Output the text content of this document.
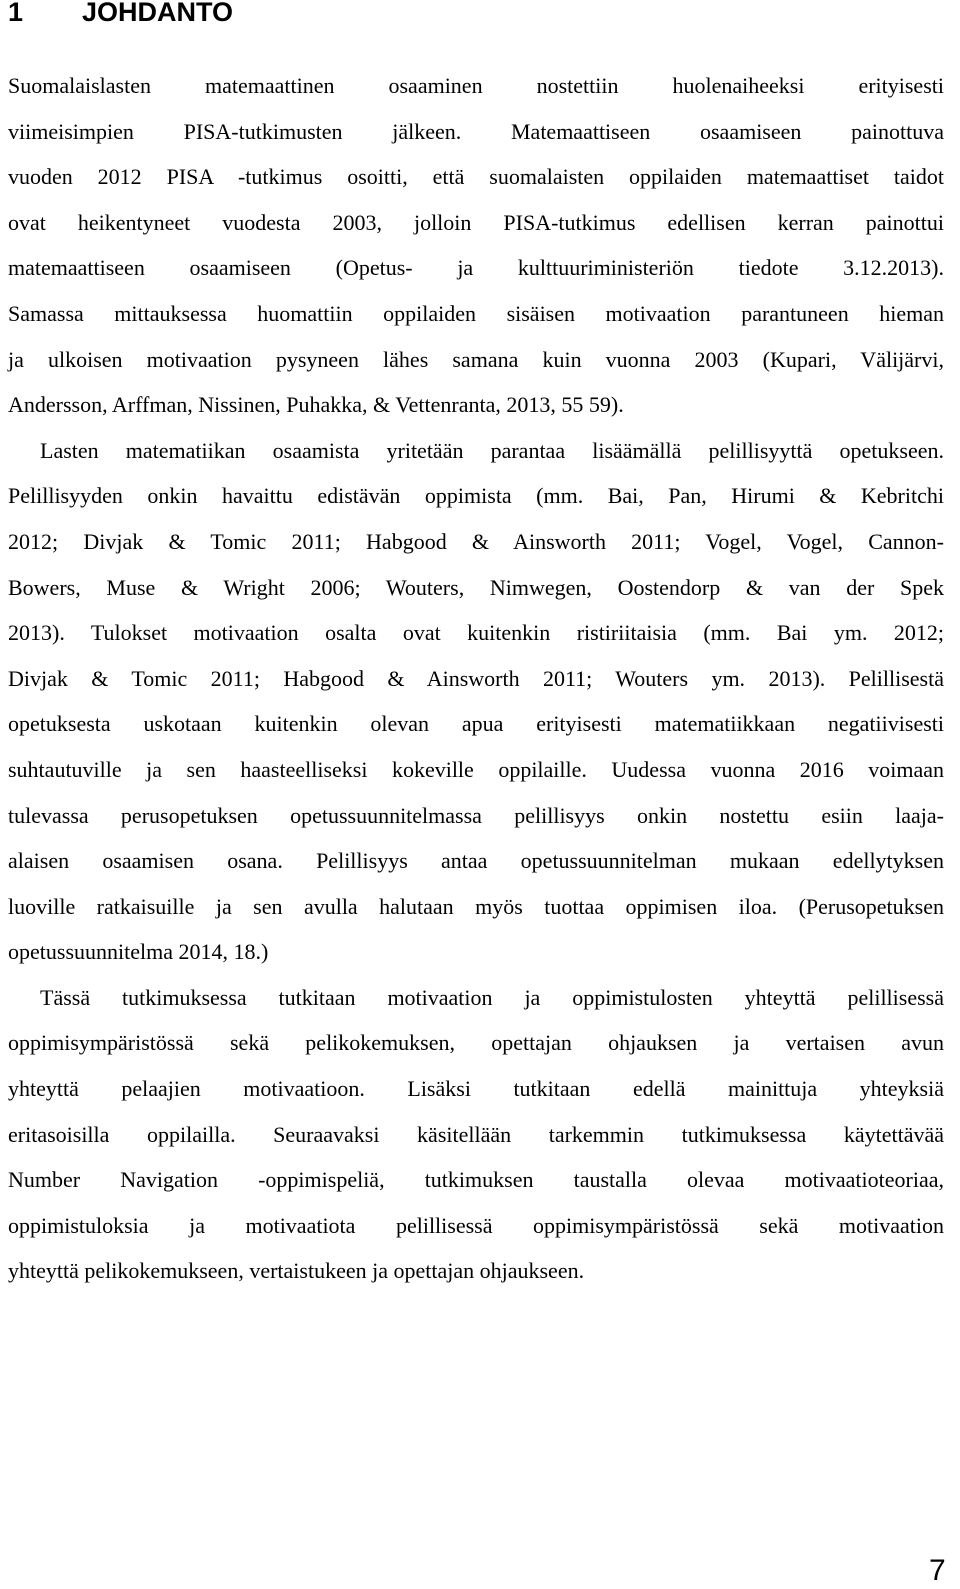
1 JOHDANTO
Suomalaislasten matemaattinen osaaminen nostettiin huolenaiheeksi erityisesti
viimeisimpien PISA-tutkimusten jälkeen. Matemaattiseen osaamiseen painottuva
vuoden 2012 PISA -tutkimus osoitti, että suomalaisten oppilaiden matemaattiset taidot
ovat heikentyneet vuodesta 2003, jolloin PISA-tutkimus edellisen kerran painottui
matemaattiseen osaamiseen (Opetus- ja kulttuuriministeriön tiedote 3.12.2013).
Samassa mittauksessa huomattiin oppilaiden sisäisen motivaation parantuneen hieman
ja ulkoisen motivaation pysyneen lähes samana kuin vuonna 2003 (Kupari, Välijärvi,
Andersson, Arffman, Nissinen, Puhakka, & Vettenranta, 2013, 55 59).
Lasten matematiikan osaamista yritetään parantaa lisäämällä pelillisyyttä opetukseen.
Pelillisyyden onkin havaittu edistävän oppimista (mm. Bai, Pan, Hirumi & Kebritchi
2012; Divjak & Tomic 2011; Habgood & Ainsworth 2011; Vogel, Vogel, Cannon-
Bowers, Muse & Wright 2006; Wouters, Nimwegen, Oostendorp & van der Spek
2013). Tulokset motivaation osalta ovat kuitenkin ristiriitaisia (mm. Bai ym. 2012;
Divjak & Tomic 2011; Habgood & Ainsworth 2011; Wouters ym. 2013). Pelillisestä
opetuksesta uskotaan kuitenkin olevan apua erityisesti matematiikkaan negatiivisesti
suhtautuville ja sen haasteelliseksi kokeville oppilaille. Uudessa vuonna 2016 voimaan
tulevassa perusopetuksen opetussuunnitelmassa pelillisyys onkin nostettu esiin laaja-
alaisen osaamisen osana. Pelillisyys antaa opetussuunnitelman mukaan edellytyksen
luoville ratkaisuille ja sen avulla halutaan myös tuottaa oppimisen iloa. (Perusopetuksen
opetussuunnitelma 2014, 18.)
Tässä tutkimuksessa tutkitaan motivaation ja oppimistulosten yhteyttä pelillisessä
oppimisympäristössä sekä pelikokemuksen, opettajan ohjauksen ja vertaisen avun
yhteyttä pelaajien motivaatioon. Lisäksi tutkitaan edellä mainittuja yhteyksiä
eritasoisilla oppilailla. Seuraavaksi käsitellään tarkemmin tutkimuksessa käytettävää
Number Navigation -oppimispeliä, tutkimuksen taustalla olevaa motivaatioteoriaa,
oppimistuloksia ja motivaatiota pelillisessä oppimisympäristössä sekä motivaation
yhteyttä pelikokemukseen, vertaistukeen ja opettajan ohjaukseen.
7
